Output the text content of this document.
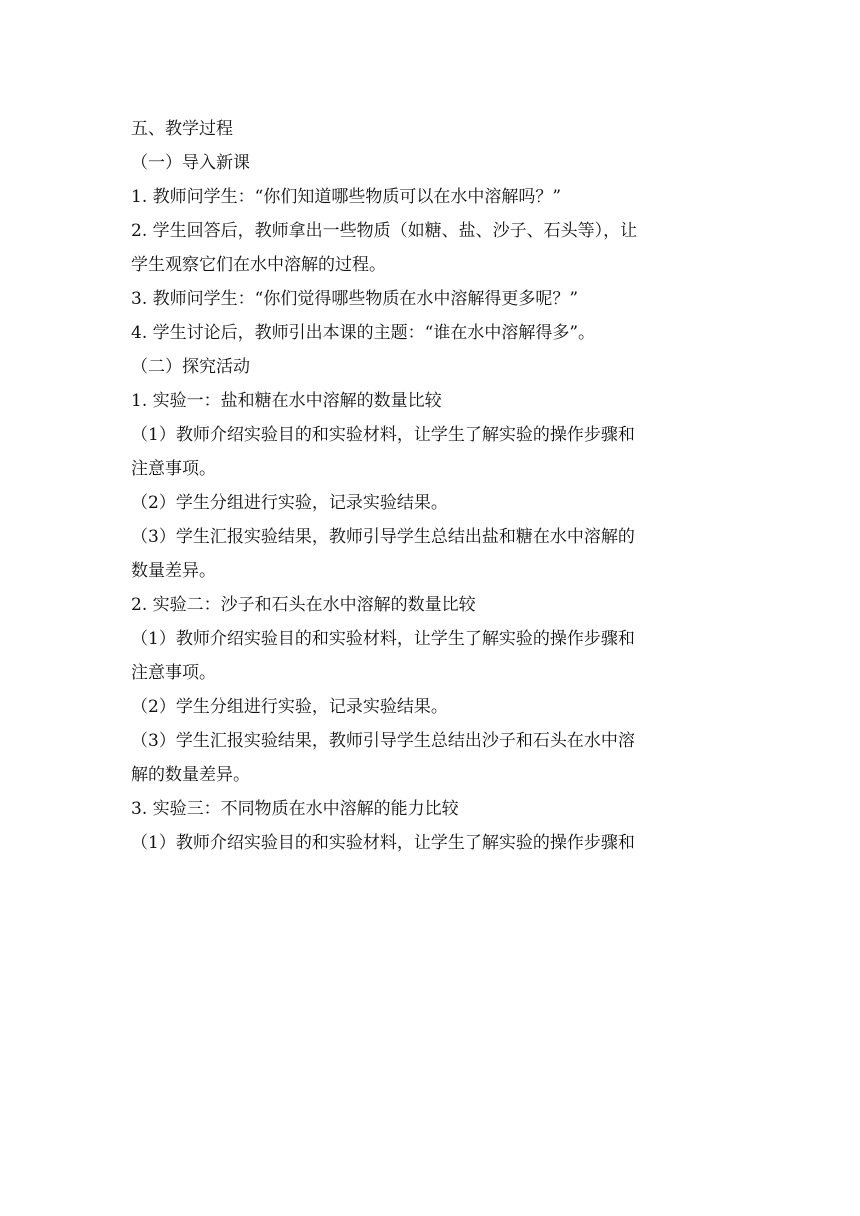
五、教学过程
（一）导入新课
1. 教师问学生：“你们知道哪些物质可以在水中溶解吗？”
2. 学生回答后，教师拿出一些物质（如糖、盐、沙子、石头等），让
学生观察它们在水中溶解的过程。
3. 教师问学生：“你们觉得哪些物质在水中溶解得更多呢？”
4. 学生讨论后，教师引出本课的主题：“谁在水中溶解得多”。
（二）探究活动
1. 实验一：盐和糖在水中溶解的数量比较
（1）教师介绍实验目的和实验材料，让学生了解实验的操作步骤和
注意事项。
（2）学生分组进行实验，记录实验结果。
（3）学生汇报实验结果，教师引导学生总结出盐和糖在水中溶解的
数量差异。
2. 实验二：沙子和石头在水中溶解的数量比较
（1）教师介绍实验目的和实验材料，让学生了解实验的操作步骤和
注意事项。
（2）学生分组进行实验，记录实验结果。
（3）学生汇报实验结果，教师引导学生总结出沙子和石头在水中溶
解的数量差异。
3. 实验三：不同物质在水中溶解的能力比较
（1）教师介绍实验目的和实验材料，让学生了解实验的操作步骤和
